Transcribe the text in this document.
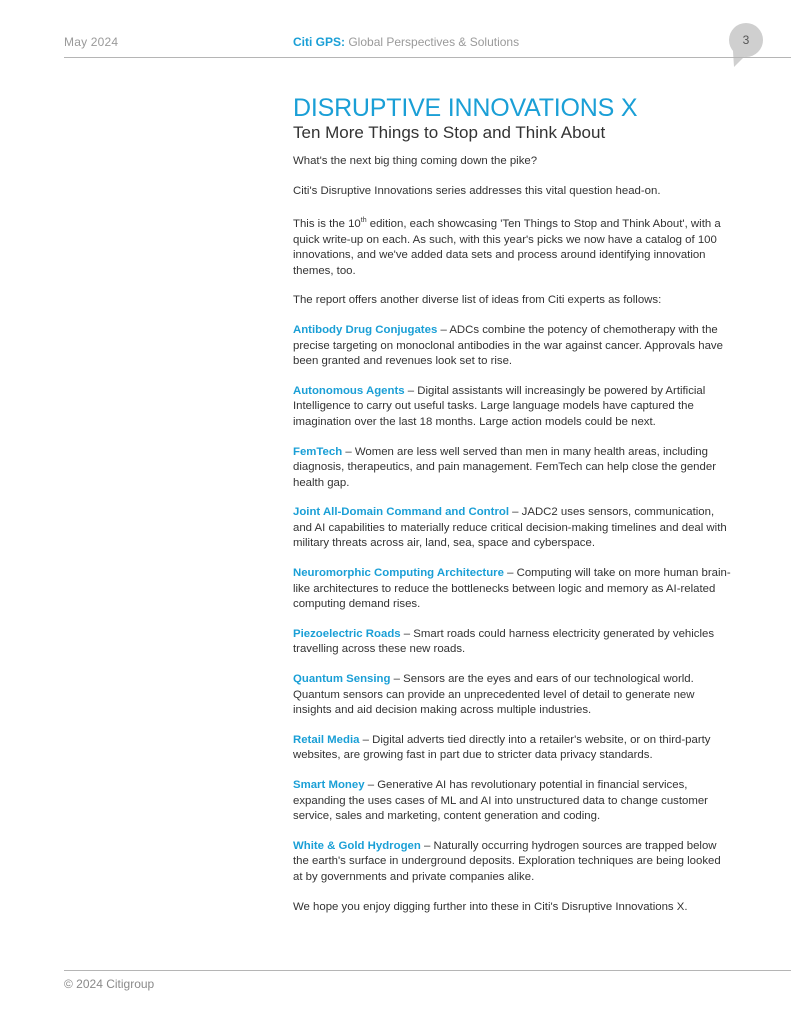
May 2024	Citi GPS: Global Perspectives & Solutions	3
DISRUPTIVE INNOVATIONS X
Ten More Things to Stop and Think About

What's the next big thing coming down the pike?

Citi's Disruptive Innovations series addresses this vital question head-on.

This is the 10th edition, each showcasing 'Ten Things to Stop and Think About', with a quick write-up on each. As such, with this year's picks we now have a catalog of 100 innovations, and we've added data sets and process around identifying innovation themes, too.

The report offers another diverse list of ideas from Citi experts as follows:

Antibody Drug Conjugates – ADCs combine the potency of chemotherapy with the precise targeting on monoclonal antibodies in the war against cancer. Approvals have been granted and revenues look set to rise.

Autonomous Agents – Digital assistants will increasingly be powered by Artificial Intelligence to carry out useful tasks. Large language models have captured the imagination over the last 18 months. Large action models could be next.

FemTech – Women are less well served than men in many health areas, including diagnosis, therapeutics, and pain management. FemTech can help close the gender health gap.

Joint All-Domain Command and Control – JADC2 uses sensors, communication, and AI capabilities to materially reduce critical decision-making timelines and deal with military threats across air, land, sea, space and cyberspace.

Neuromorphic Computing Architecture – Computing will take on more human brain-like architectures to reduce the bottlenecks between logic and memory as AI-related computing demand rises.

Piezoelectric Roads – Smart roads could harness electricity generated by vehicles travelling across these new roads.

Quantum Sensing – Sensors are the eyes and ears of our technological world. Quantum sensors can provide an unprecedented level of detail to generate new insights and aid decision making across multiple industries.

Retail Media – Digital adverts tied directly into a retailer's website, or on third-party websites, are growing fast in part due to stricter data privacy standards.

Smart Money – Generative AI has revolutionary potential in financial services, expanding the uses cases of ML and AI into unstructured data to change customer service, sales and marketing, content generation and coding.

White & Gold Hydrogen – Naturally occurring hydrogen sources are trapped below the earth's surface in underground deposits. Exploration techniques are being looked at by governments and private companies alike.

We hope you enjoy digging further into these in Citi's Disruptive Innovations X.

© 2024 Citigroup
